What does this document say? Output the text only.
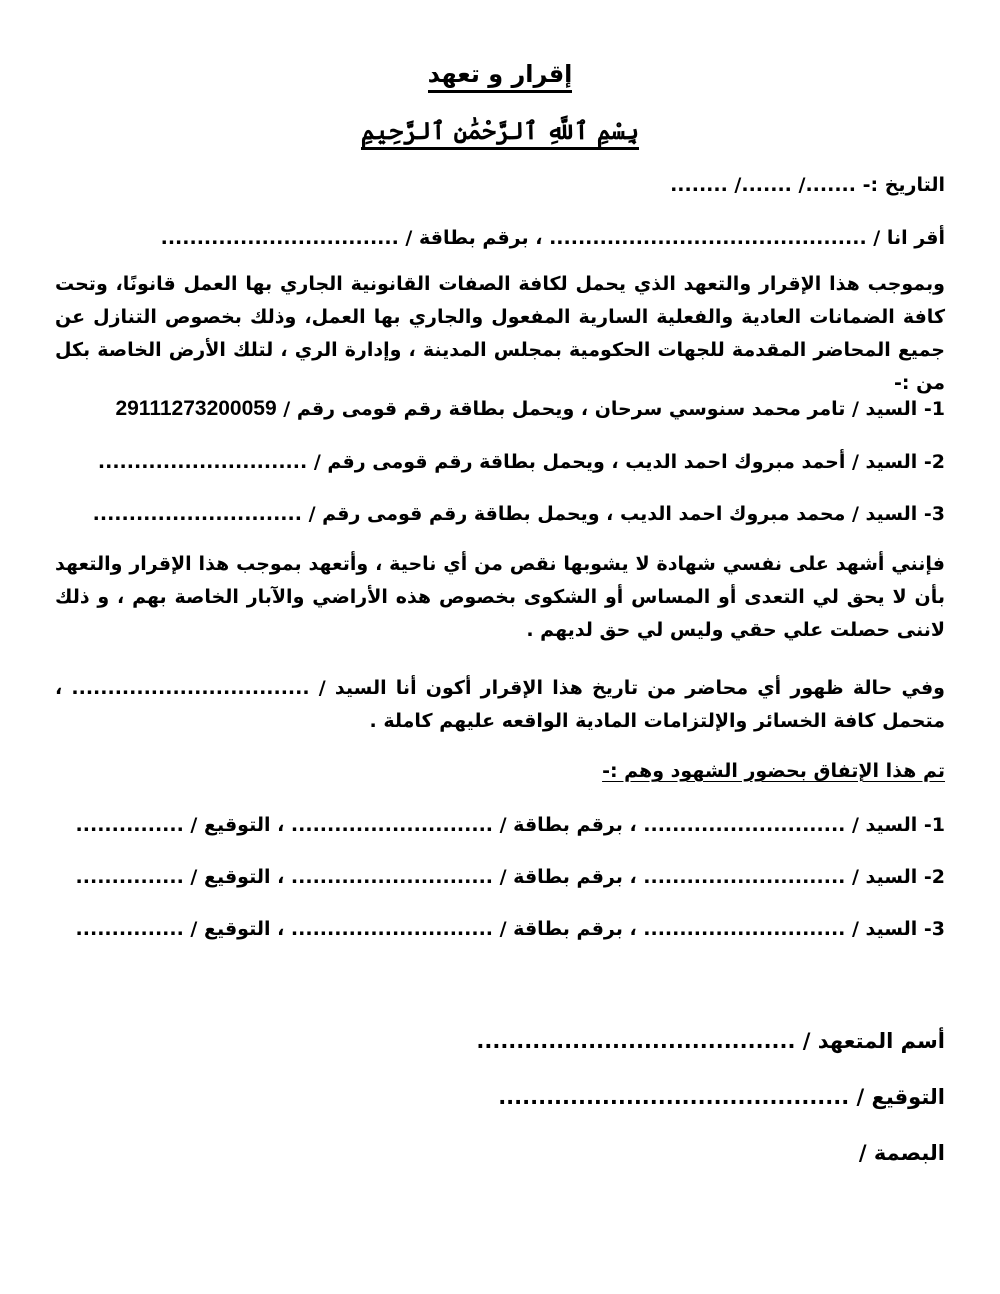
إقرار و تعهد
بِسْمِ ٱللَّهِ ٱلرَّحْمَٰنِ ٱلرَّحِيمِ
التاريخ :- ......./ ......./ ........
أقر انا / ............................................ ، برقم بطاقة / .................................
وبموجب هذا الإقرار والتعهد الذي يحمل لكافة الصفات القانونية الجاري بها العمل قانونًا، وتحت كافة الضمانات العادية والفعلية السارية المفعول والجاري بها العمل، وذلك بخصوص التنازل عن جميع المحاضر المقدمة للجهات الحكومية بمجلس المدينة ، وإدارة الري ، لتلك الأرض الخاصة بكل من :-
1- السيد / تامر محمد سنوسي سرحان ، ويحمل بطاقة رقم قومى رقم / 29111273200059
2- السيد / أحمد مبروك احمد الديب ، ويحمل بطاقة رقم قومى رقم / .............................
3- السيد / محمد مبروك احمد الديب ، ويحمل بطاقة رقم قومى رقم / .............................
فإنني أشهد على نفسي شهادة لا يشوبها نقص من أي ناحية ، وأتعهد بموجب هذا الإقرار والتعهد بأن لا يحق لي التعدى أو المساس أو الشكوى بخصوص هذه الأراضي والآبار الخاصة بهم ، و ذلك لاننى حصلت علي حقي وليس لي حق لديهم .
وفي حالة ظهور أي محاضر من تاريخ هذا الإقرار أكون أنا السيد / ................................. ، متحمل كافة الخسائر والإلتزامات المادية الواقعه عليهم كاملة .
تم هذا الإتفاق بحضور الشهود وهم :-
1- السيد / ............................ ، برقم بطاقة / ............................ ، التوقيع / ...............
2- السيد / ............................ ، برقم بطاقة / ............................ ، التوقيع / ...............
3- السيد / ............................ ، برقم بطاقة / ............................ ، التوقيع / ...............
أسم المتعهد / ........................................
التوقيع / ............................................
البصمة /
